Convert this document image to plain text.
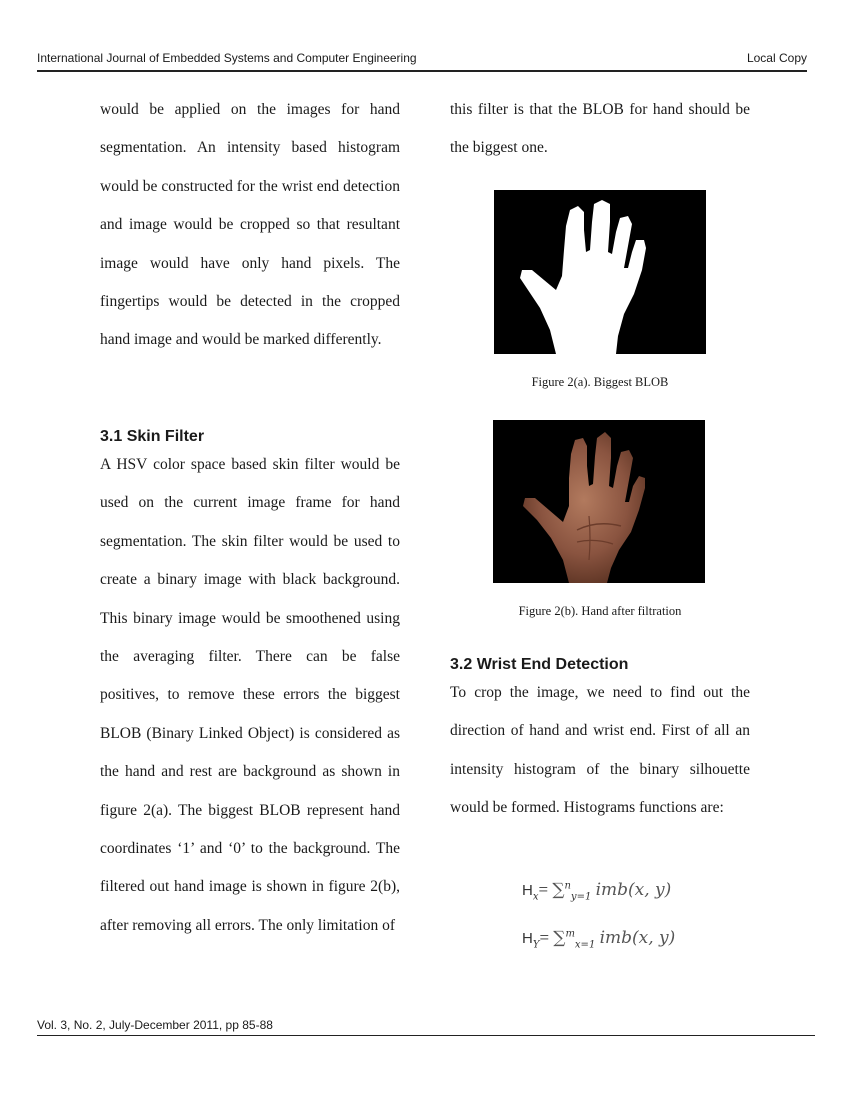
International Journal of Embedded Systems and Computer Engineering	Local Copy

would be applied on the images for hand segmentation. An intensity based histogram would be constructed for the wrist end detection and image would be cropped so that resultant image would have only hand pixels. The fingertips would be detected in the cropped hand image and would be marked differently.

3.1 Skin Filter

A HSV color space based skin filter would be used on the current image frame for hand segmentation. The skin filter would be used to create a binary image with black background. This binary image would be smoothened using the averaging filter. There can be false positives, to remove these errors the biggest BLOB (Binary Linked Object) is considered as the hand and rest are background as shown in figure 2(a). The biggest BLOB represent hand coordinates ‘1’ and ‘0’ to the background. The filtered out hand image is shown in figure 2(b), after removing all errors. The only limitation of

this filter is that the BLOB for hand should be the biggest one.

Figure 2(a). Biggest BLOB
Figure 2(b). Hand after filtration
3.2 Wrist End Detection

To crop the image, we need to find out the direction of hand and wrist end. First of all an intensity histogram of the binary silhouette would be formed. Histograms functions are:

$H_x= \sum^n_{y=1}$ imb(x, y)
$H_Y= \sum^m_{x=1}$ imb(x, y)
Vol. 3, No. 2, July-December 2011, pp 85-88
